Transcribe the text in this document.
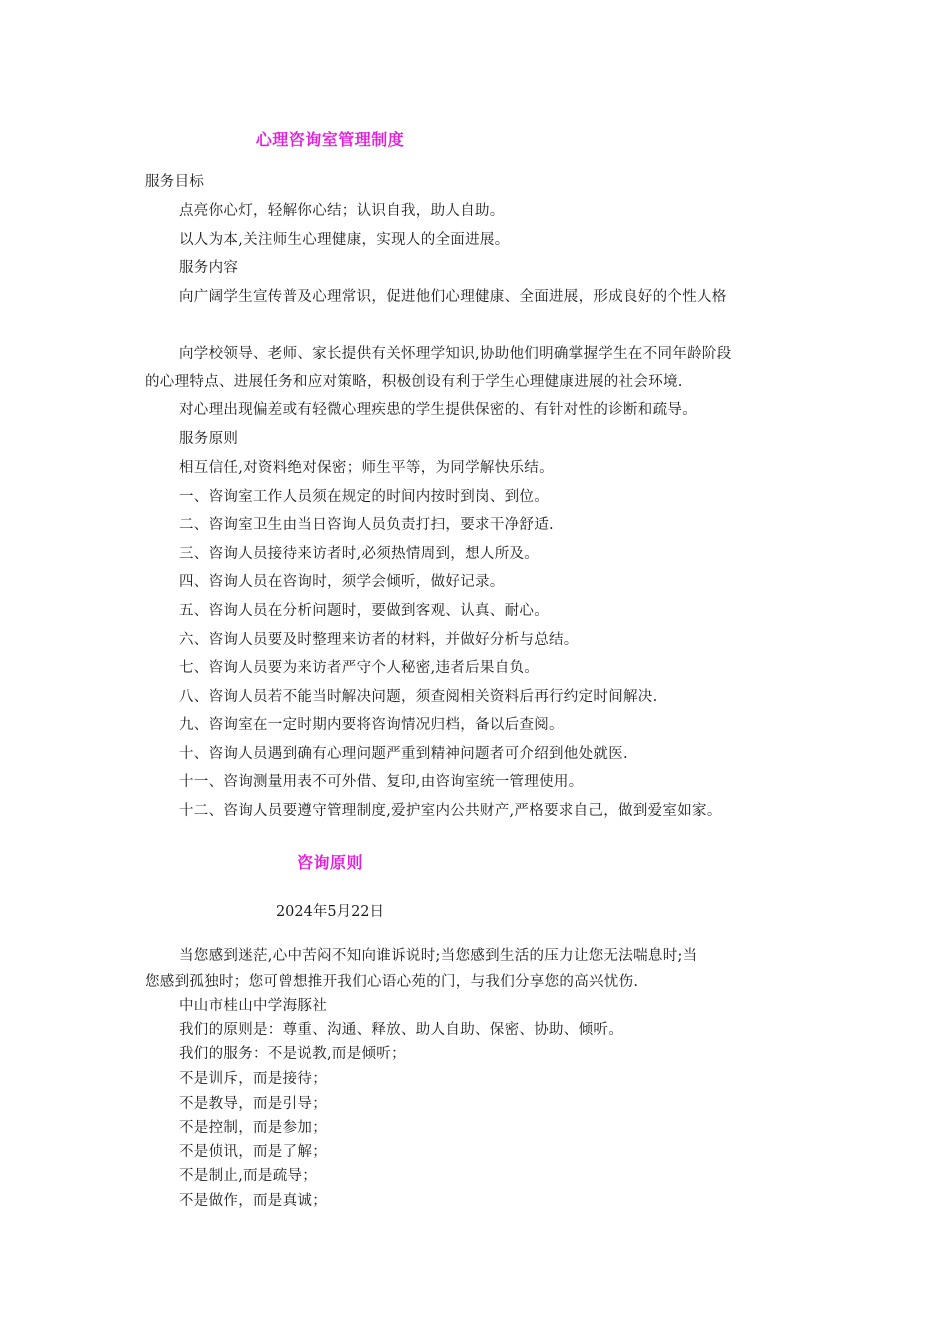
心理咨询室管理制度
服务目标
点亮你心灯，轻解你心结；认识自我，助人自助。
以人为本,关注师生心理健康，实现人的全面进展。
服务内容
向广阔学生宣传普及心理常识，促进他们心理健康、全面进展，形成良好的个性人格
向学校领导、老师、家长提供有关怀理学知识,协助他们明确掌握学生在不同年龄阶段
的心理特点、进展任务和应对策略，积极创设有利于学生心理健康进展的社会环境.
对心理出现偏差或有轻微心理疾患的学生提供保密的、有针对性的诊断和疏导。
服务原则
相互信任,对资料绝对保密；师生平等，为同学解快乐结。
一、咨询室工作人员须在规定的时间内按时到岗、到位。
二、咨询室卫生由当日咨询人员负责打扫，要求干净舒适.
三、咨询人员接待来访者时,必须热情周到，想人所及。
四、咨询人员在咨询时，须学会倾听，做好记录。
五、咨询人员在分析问题时，要做到客观、认真、耐心。
六、咨询人员要及时整理来访者的材料，并做好分析与总结。
七、咨询人员要为来访者严守个人秘密,违者后果自负。
八、咨询人员若不能当时解决问题，须查阅相关资料后再行约定时间解决.
九、咨询室在一定时期内要将咨询情况归档，备以后查阅。
十、咨询人员遇到确有心理问题严重到精神问题者可介绍到他处就医.
十一、咨询测量用表不可外借、复印,由咨询室统一管理使用。
十二、咨询人员要遵守管理制度,爱护室内公共财产,严格要求自己，做到爱室如家。
咨询原则
2024年5月22日
当您感到迷茫,心中苦闷不知向谁诉说时;当您感到生活的压力让您无法喘息时;当
您感到孤独时；您可曾想推开我们心语心苑的门，与我们分享您的高兴忧伤.
中山市桂山中学海豚社
我们的原则是：尊重、沟通、释放、助人自助、保密、协助、倾听。
我们的服务：不是说教,而是倾听；
不是训斥，而是接待；
不是教导，而是引导；
不是控制，而是参加；
不是侦讯，而是了解；
不是制止,而是疏导；
不是做作，而是真诚；
